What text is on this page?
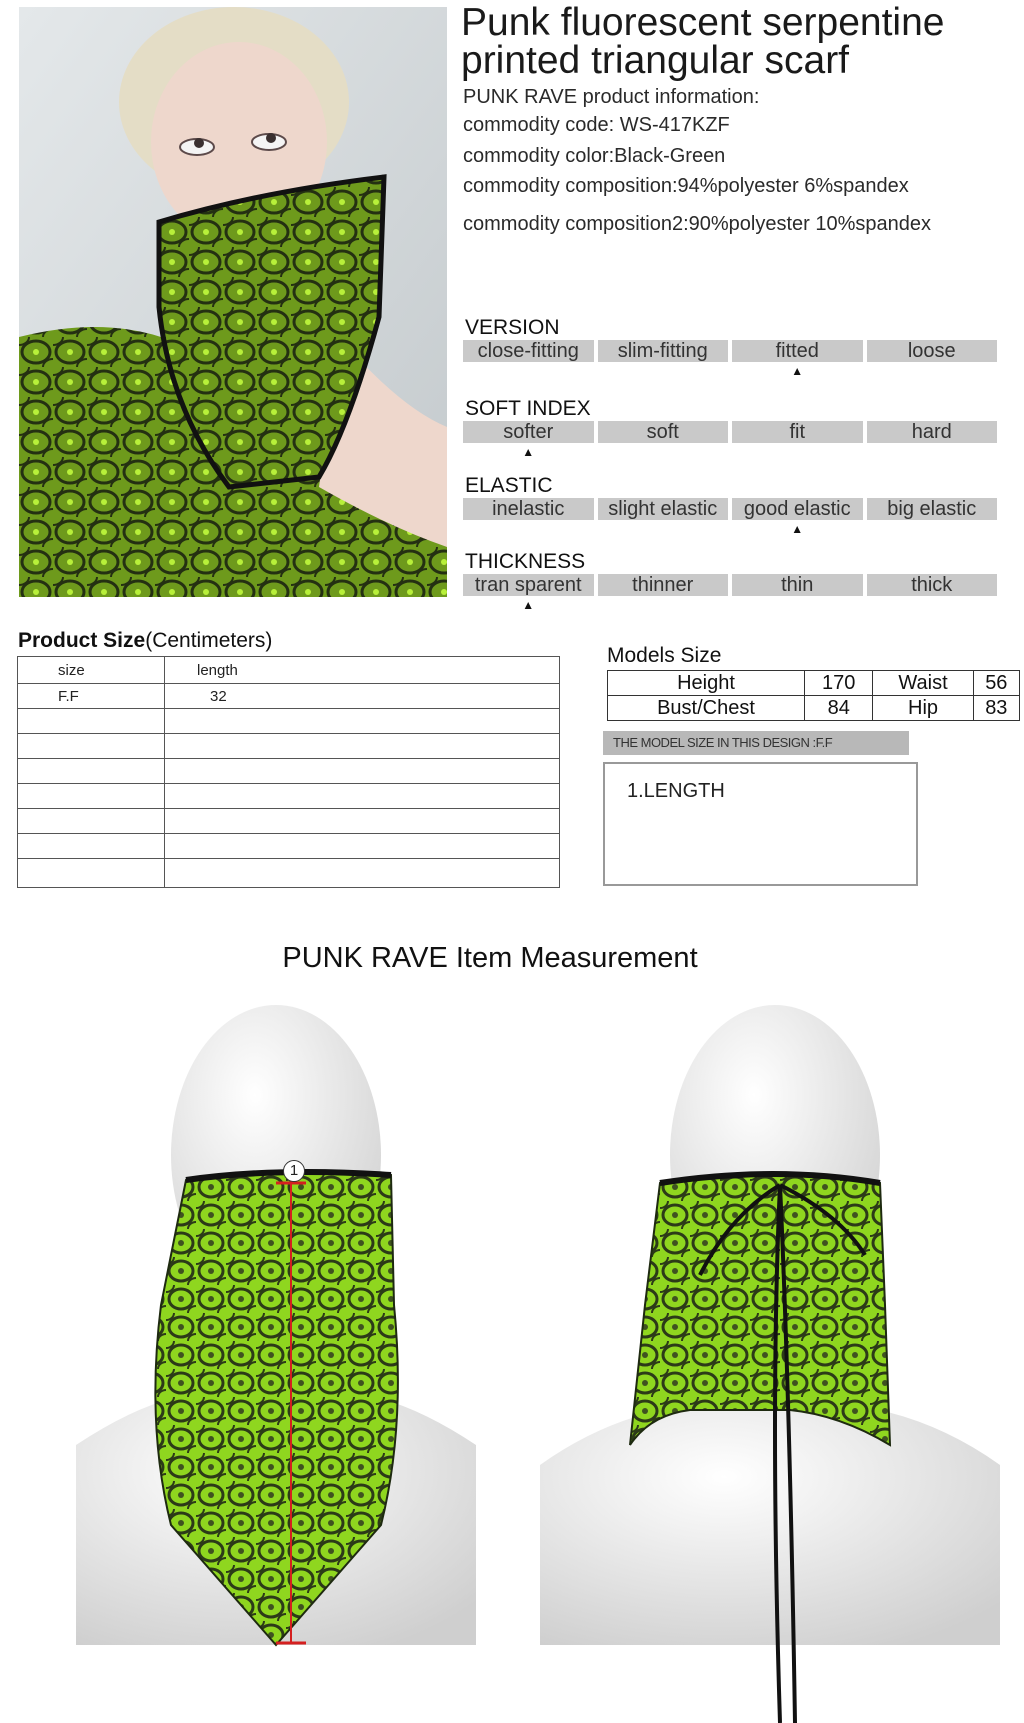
Punk fluorescent serpentine printed triangular scarf
PUNK RAVE product information:
commodity code: WS-417KZF
commodity color:Black-Green
commodity composition:94%polyester 6%spandex
commodity composition2:90%polyester 10%spandex
VERSION
close-fitting	slim-fitting	fitted	loose
▲
SOFT INDEX
softer	soft	fit	hard
▲
ELASTIC
inelastic	slight elastic	good elastic	big elastic
▲
THICKNESS
tran sparent	thinner	thin	thick
▲
Product Size(Centimeters)
size	length
F.F	32

Models Size
Height	170	Waist	56
Bust/Chest	84	Hip	83
THE MODEL SIZE IN THIS DESIGN :F.F
1.LENGTH
PUNK RAVE Item Measurement
1
